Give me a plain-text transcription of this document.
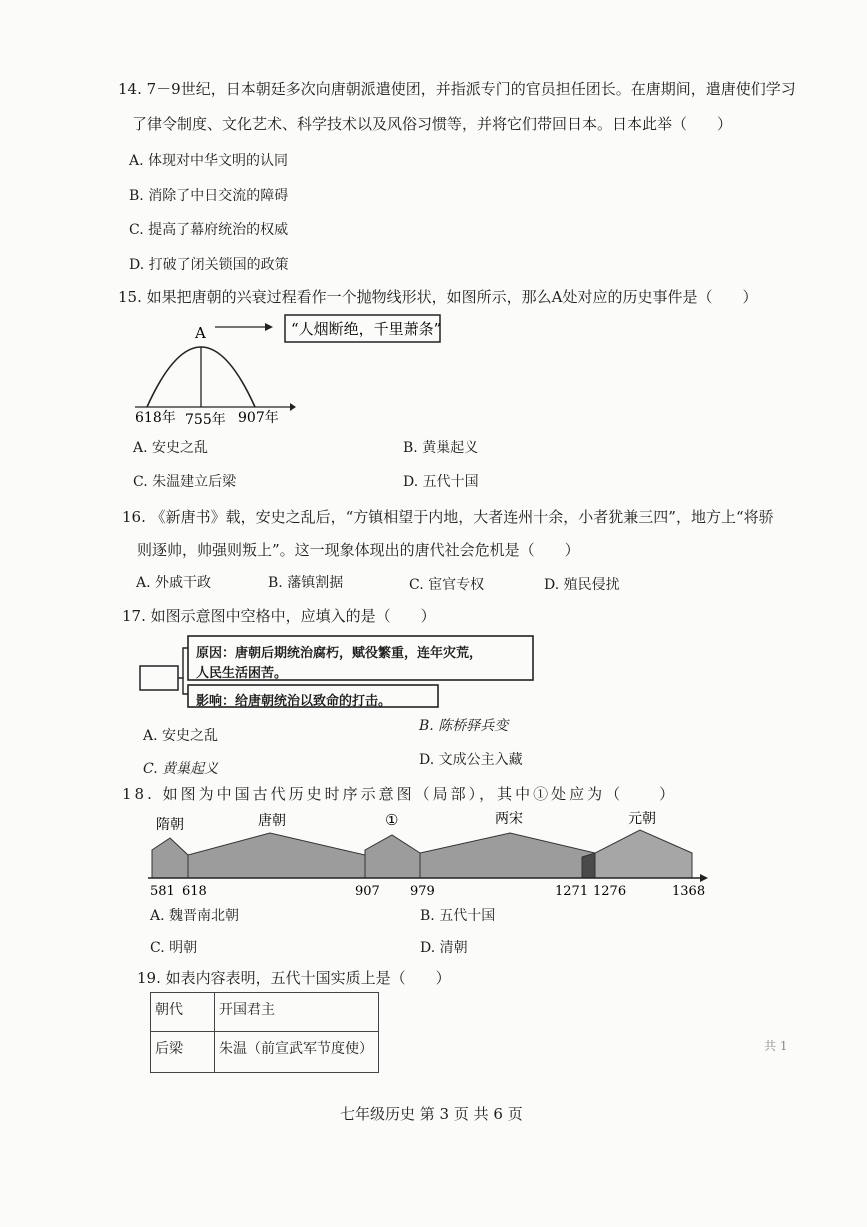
14. 7－9世纪，日本朝廷多次向唐朝派遣使团，并指派专门的官员担任团长。在唐期间，遣唐使们学习
了律令制度、文化艺术、科学技术以及风俗习惯等，并将它们带回日本。日本此举（　　）
A. 体现对中华文明的认同
B. 消除了中日交流的障碍
C. 提高了幕府统治的权威
D. 打破了闭关锁国的政策
15. 如果把唐朝的兴衰过程看作一个抛物线形状，如图所示，那么A处对应的历史事件是（　　）
A	“人烟断绝，千里萧条”
618年 755年 907年
A. 安史之乱	B. 黄巢起义
C. 朱温建立后梁	D. 五代十国
16. 《新唐书》载，安史之乱后，“方镇相望于内地，大者连州十余，小者犹兼三四”，地方上“将骄
则逐帅，帅强则叛上”。这一现象体现出的唐代社会危机是（　　）
A. 外戚干政	B. 藩镇割据	C. 宦官专权	D. 殖民侵扰
17. 如图示意图中空格中，应填入的是（　　）
原因：唐朝后期统治腐朽，赋役繁重，连年灾荒，
人民生活困苦。
影响：给唐朝统治以致命的打击。
A. 安史之乱
B. 陈桥驿兵变
C. 黄巢起义
D. 文成公主入藏
18. 如图为中国古代历史时序示意图（局部），其中①处应为（　　）
隋朝	唐朝	①	两宋	元朝
581 618	907 979	1271 1276	1368
A. 魏晋南北朝	B. 五代十国
C. 明朝	D. 清朝
19. 如表内容表明，五代十国实质上是（　　）
朝代	开国君主
后梁	朱温（前宣武军节度使）	共 1
七年级历史 第 3 页 共 6 页
